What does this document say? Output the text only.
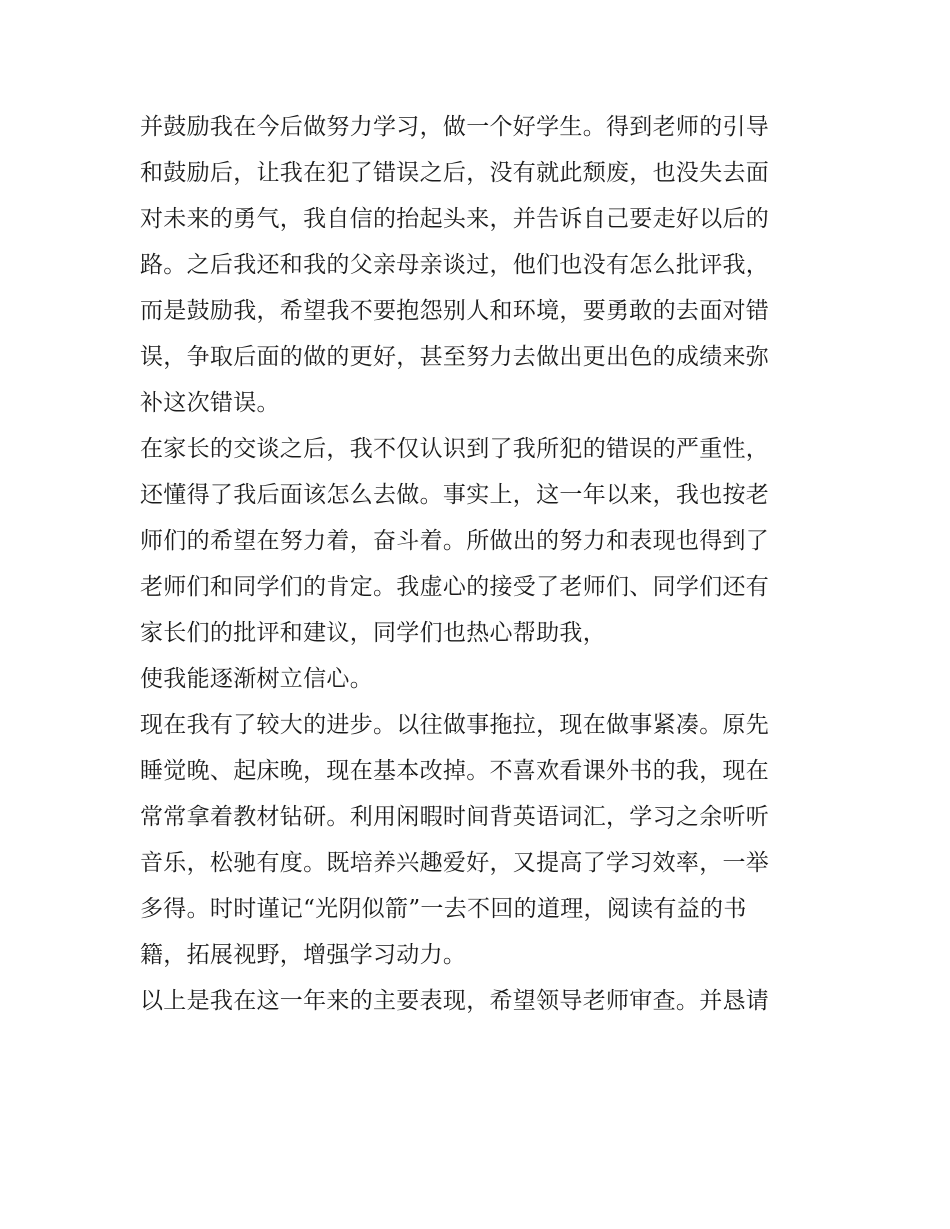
并鼓励我在今后做努力学习，做一个好学生。得到老师的引导
和鼓励后，让我在犯了错误之后，没有就此颓废，也没失去面
对未来的勇气，我自信的抬起头来，并告诉自己要走好以后的
路。之后我还和我的父亲母亲谈过，他们也没有怎么批评我，
而是鼓励我，希望我不要抱怨别人和环境，要勇敢的去面对错
误，争取后面的做的更好，甚至努力去做出更出色的成绩来弥
补这次错误。
在家长的交谈之后，我不仅认识到了我所犯的错误的严重性，
还懂得了我后面该怎么去做。事实上，这一年以来，我也按老
师们的希望在努力着，奋斗着。所做出的努力和表现也得到了
老师们和同学们的肯定。我虚心的接受了老师们、同学们还有
家长们的批评和建议，同学们也热心帮助我，
使我能逐渐树立信心。
现在我有了较大的进步。以往做事拖拉，现在做事紧凑。原先
睡觉晚、起床晚，现在基本改掉。不喜欢看课外书的我，现在
常常拿着教材钻研。利用闲暇时间背英语词汇，学习之余听听
音乐，松驰有度。既培养兴趣爱好，又提高了学习效率，一举
多得。时时谨记“光阴似箭”一去不回的道理，阅读有益的书
籍，拓展视野，增强学习动力。
以上是我在这一年来的主要表现，希望领导老师审查。并恳请
